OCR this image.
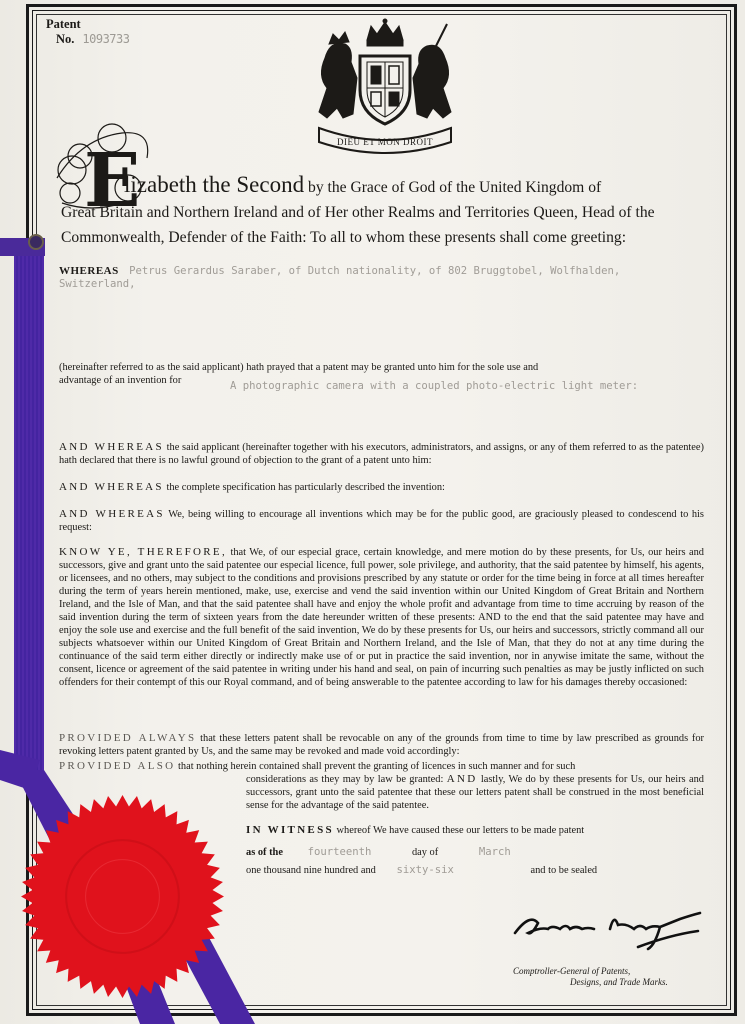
Patent
No. 1093733
DIEU ET MON DROIT
E
lizabeth the Second by the Grace of God of the United Kingdom of
Great Britain and Northern Ireland and of Her other Realms and Territories Queen, Head of the
Commonwealth, Defender of the Faith: To all to whom these presents shall come greeting:
WHEREAS Petrus Gerardus Saraber, of Dutch nationality, of 802 Bruggtobel, Wolfhalden,
Switzerland,
(hereinafter referred to as the said applicant) hath prayed that a patent may be granted unto him for the sole use and
advantage of an invention for	A photographic camera with a coupled photo-electric light meter:
AND WHEREAS the said applicant (hereinafter together with his executors, administrators, and assigns, or any of them referred to as the patentee) hath declared that there is no lawful ground of objection to the grant of a patent unto him:
AND WHEREAS the complete specification has particularly described the invention:
AND WHEREAS We, being willing to encourage all inventions which may be for the public good, are graciously pleased to condescend to his request:
KNOW YE, THEREFORE, that We, of our especial grace, certain knowledge, and mere motion do by these presents, for Us, our heirs and successors, give and grant unto the said patentee our especial licence, full power, sole privilege, and authority, that the said patentee by himself, his agents, or licensees, and no others, may subject to the conditions and provisions prescribed by any statute or order for the time being in force at all times hereafter during the term of years herein mentioned, make, use, exercise and vend the said invention within our United Kingdom of Great Britain and Northern Ireland, and the Isle of Man, and that the said patentee shall have and enjoy the whole profit and advantage from time to time accruing by reason of the said invention during the term of sixteen years from the date hereunder written of these presents: AND to the end that the said patentee may have and enjoy the sole use and exercise and the full benefit of the said invention, We do by these presents for Us, our heirs and successors, strictly command all our subjects whatsoever within our United Kingdom of Great Britain and Northern Ireland, and the Isle of Man, that they do not at any time during the continuance of the said term either directly or indirectly make use of or put in practice the said invention, nor in anywise imitate the same, without the consent, licence or agreement of the said patentee in writing under his hand and seal, on pain of incurring such penalties as may be justly inflicted on such offenders for their contempt of this our Royal command, and of being answerable to the patentee according to law for his damages thereby occasioned:
PROVIDED ALWAYS that these letters patent shall be revocable on any of the grounds from time to time by law prescribed as grounds for revoking letters patent granted by Us, and the same may be revoked and made void accordingly:
PROVIDED ALSO that nothing herein contained shall prevent the granting of licences in such manner and for such
considerations as they may by law be granted: AND lastly, We do by these presents for Us, our heirs and successors, grant unto the said patentee that these our letters patent shall be construed in the most beneficial sense for the advantage of the said patentee.
IN WITNESS whereof We have caused these our letters to be made patent
as of the fourteenth	day of	March
one thousand nine hundred and sixty-six	and to be sealed
Comptroller-General of Patents,
Designs, and Trade Marks.
